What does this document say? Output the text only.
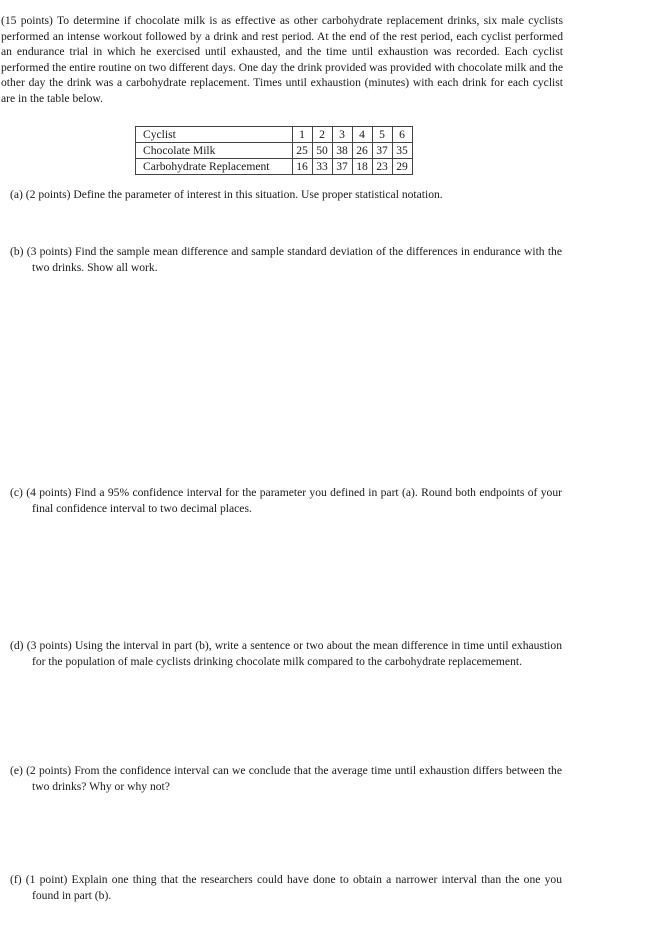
(15 points) To determine if chocolate milk is as effective as other carbohydrate replacement drinks, six male cyclists performed an intense workout followed by a drink and rest period. At the end of the rest period, each cyclist performed an endurance trial in which he exercised until exhausted, and the time until exhaustion was recorded. Each cyclist performed the entire routine on two different days. One day the drink provided was provided with chocolate milk and the other day the drink was a carbohydrate replacement. Times until exhaustion (minutes) with each drink for each cyclist are in the table below.

Cyclist	1	2	3	4	5	6
Chocolate Milk	25	50	38	26	37	35
Carbohydrate Replacement	16	33	37	18	23	29

(a) (2 points) Define the parameter of interest in this situation. Use proper statistical notation.

(b) (3 points) Find the sample mean difference and sample standard deviation of the differences in endurance with the two drinks. Show all work.

(c) (4 points) Find a 95% confidence interval for the parameter you defined in part (a). Round both endpoints of your final confidence interval to two decimal places.

(d) (3 points) Using the interval in part (b), write a sentence or two about the mean difference in time until exhaustion for the population of male cyclists drinking chocolate milk compared to the carbohydrate replacemement.

(e) (2 points) From the confidence interval can we conclude that the average time until exhaustion differs between the two drinks? Why or why not?

(f) (1 point) Explain one thing that the researchers could have done to obtain a narrower interval than the one you found in part (b).
